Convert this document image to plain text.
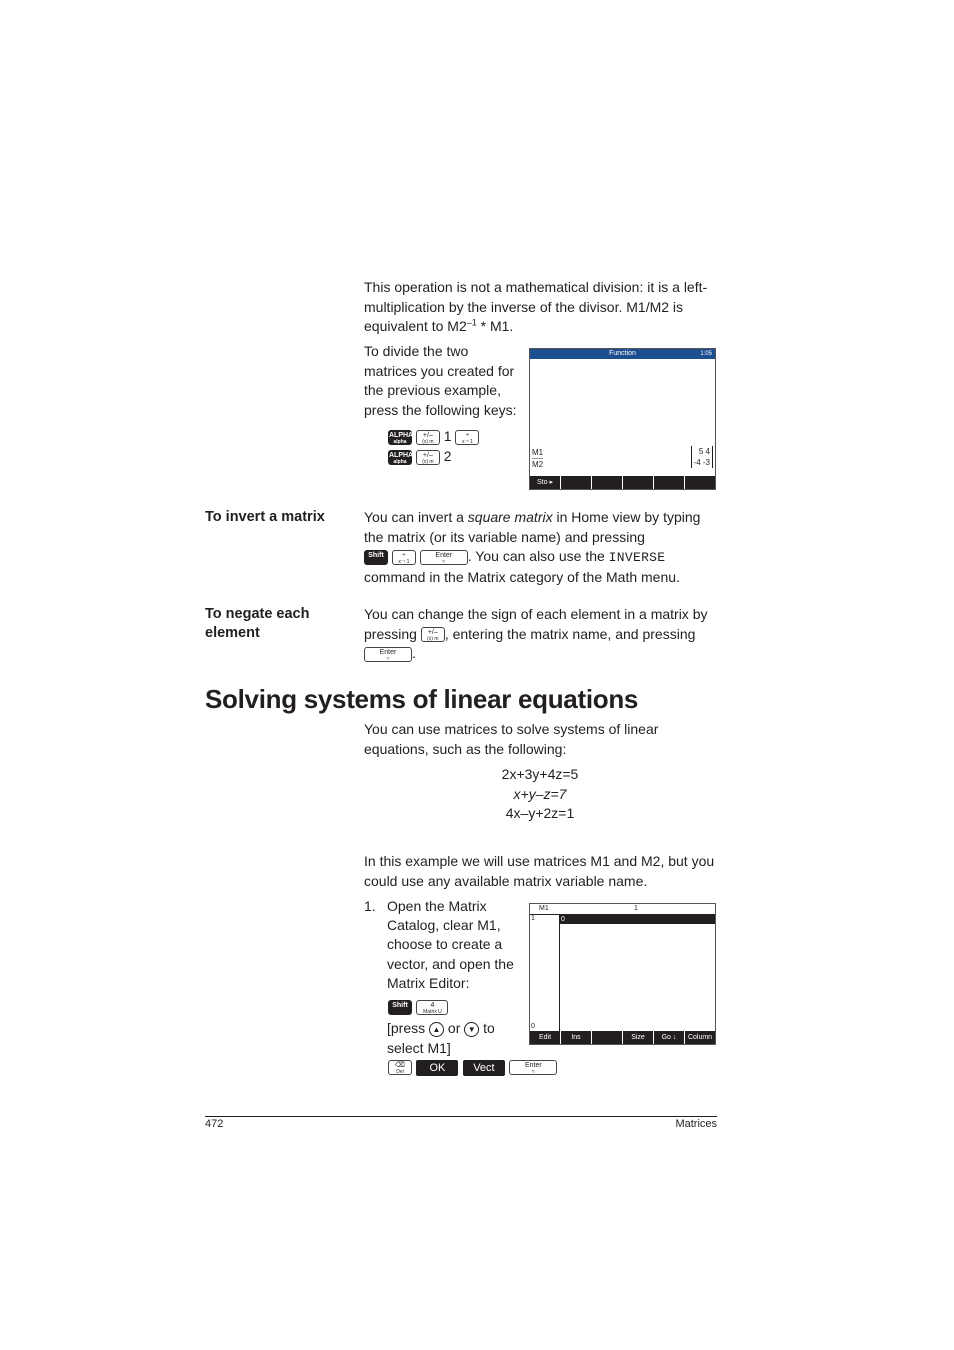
This operation is not a mathematical division: it is a left-multiplication by the inverse of the divisor. M1/M2 is equivalent to $M2^{-1} * M1$.
To divide the two matrices you created for the previous example, press the following keys:
ALPHA
alpha

+/–
(x) m 1	÷
x⁻¹ 1
ALPHA
alpha

+/–
(x) m 2
Function	1:05
M1
M2
5 4
-4 -3
Sto ▸
To invert a matrix	You can invert a square matrix in Home view by typing the matrix (or its variable name) and pressing

Shift
	÷
x⁻¹ 1

Enter
≈	. You can also use the INVERSE
command in the Matrix category of the Math menu.
To negate each
element
You can change the sign of each element in a matrix by pressing	+/–
(x) m , entering the matrix name, and pressing

Enter
≈	.
Solving systems of linear equations
You can use matrices to solve systems of linear equations, such as the following:
2x+3y+4z=5
x+y–z=7
4x–y+2z=1
In this example we will use matrices M1 and M2, but you could use any available matrix variable name.
1. Open the Matrix Catalog, clear M1, choose to create a vector, and open the Matrix Editor:
Shift
	4
Matrix U
[press ▲ or ▼ to
select M1]
⌫
Del	OK	Vect	Enter
≈
M1	1
1	0
0
Edit	Ins	Size	Go ↓	Column
472	Matrices
